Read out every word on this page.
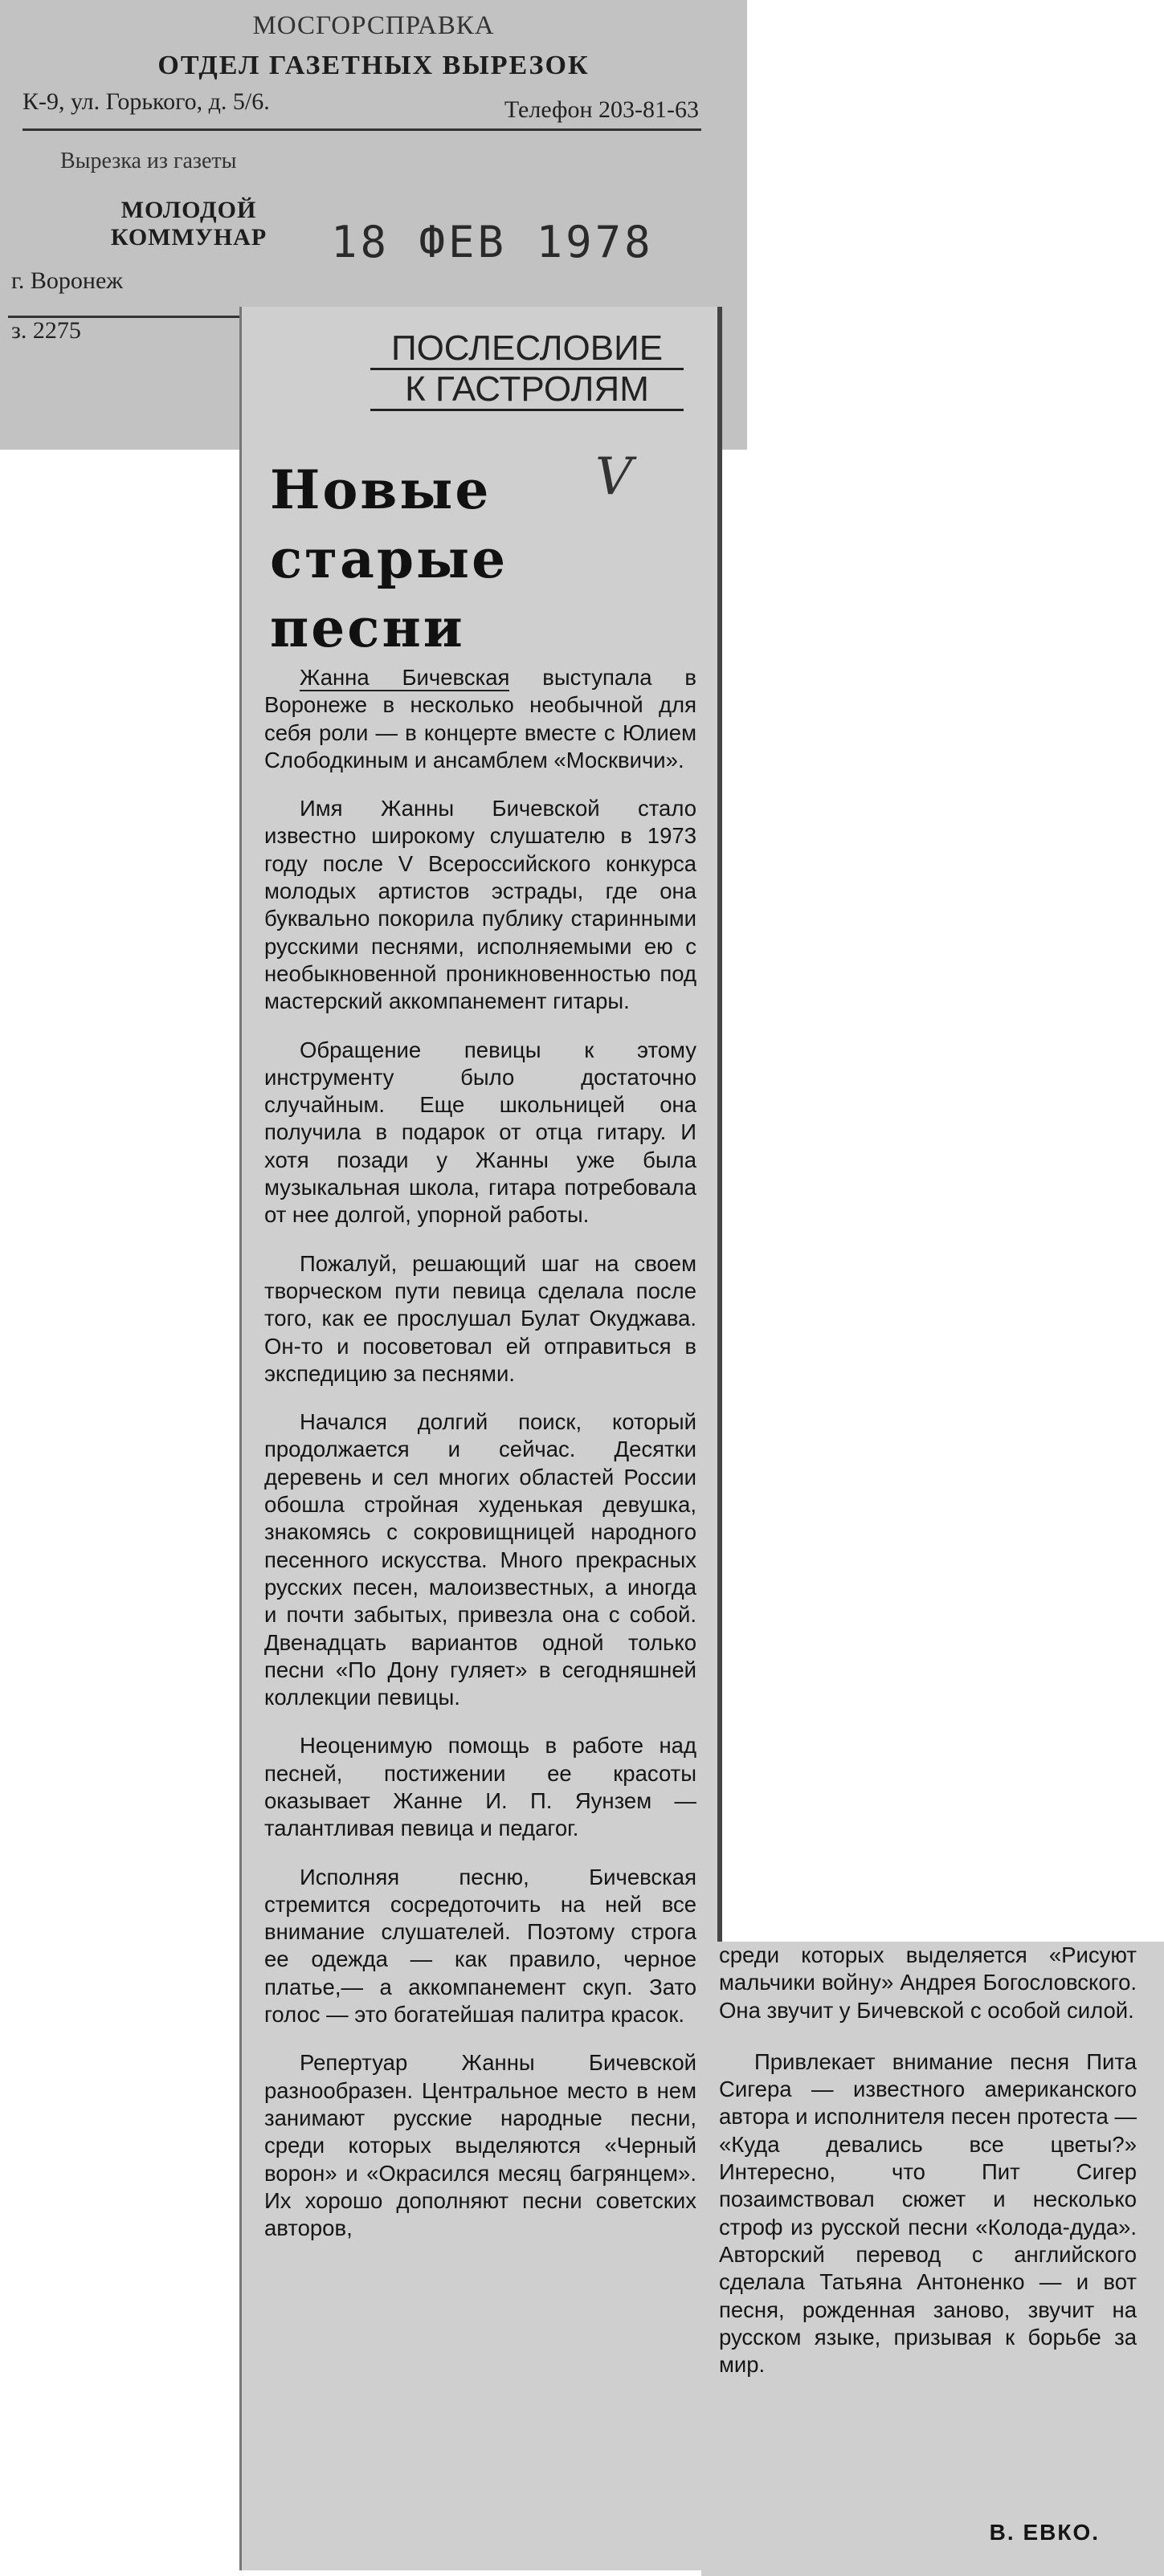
МОСГОРСПРАВКА
ОТДЕЛ ГАЗЕТНЫХ ВЫРЕЗОК
К-9, ул. Горького, д. 5/6.	Телефон 203-81-63
Вырезка из газеты
МОЛОДОЙ КОММУНАР
г. Воронеж
з. 2275
18 ФЕВ 1978
ПОСЛЕСЛОВИЕ
К ГАСТРОЛЯМ
Новые
старые
песни
V

Жанна Бичевская выступала в Воронеже в несколько необычной для себя роли — в концерте вместе с Юлием Слободкиным и ансамблем «Москвичи».

Имя Жанны Бичевской стало известно широкому слушателю в 1973 году после V Всероссийского конкурса молодых артистов эстрады, где она буквально покорила публику старинными русскими песнями, исполняемыми ею с необыкновенной проникновенностью под мастерский аккомпанемент гитары.

Обращение певицы к этому инструменту было достаточно случайным. Еще школьницей она получила в подарок от отца гитару. И хотя позади у Жанны уже была музыкальная школа, гитара потребовала от нее долгой, упорной работы.

Пожалуй, решающий шаг на своем творческом пути певица сделала после того, как ее прослушал Булат Окуджава. Он-то и посоветовал ей отправиться в экспедицию за песнями.

Начался долгий поиск, который продолжается и сейчас. Десятки деревень и сел многих областей России обошла стройная худенькая девушка, знакомясь с сокровищницей народного песенного искусства. Много прекрасных русских песен, малоизвестных, а иногда и почти забытых, привезла она с собой. Двенадцать вариантов одной только песни «По Дону гуляет» в сегодняшней коллекции певицы.

Неоценимую помощь в работе над песней, постижении ее красоты оказывает Жанне И. П. Яунзем — талантливая певица и педагог.

Исполняя песню, Бичевская стремится сосредоточить на ней все внимание слушателей. Поэтому строга ее одежда — как правило, черное платье,— а аккомпанемент скуп. Зато голос — это богатейшая палитра красок.

Репертуар Жанны Бичевской разнообразен. Центральное место в нем занимают русские народные песни, среди которых выделяются «Черный ворон» и «Окрасился месяц багрянцем». Их хорошо дополняют песни советских авторов,

среди которых выделяется «Рисуют мальчики войну» Андрея Богословского. Она звучит у Бичевской с особой силой.

Привлекает внимание песня Пита Сигера — известного американского автора и исполнителя песен протеста — «Куда девались все цветы?» Интересно, что Пит Сигер позаимствовал сюжет и несколько строф из русской песни «Колода-дуда». Авторский перевод с английского сделала Татьяна Антоненко — и вот песня, рожденная заново, звучит на русском языке, призывая к борьбе за мир.

В. ЕВКО.
